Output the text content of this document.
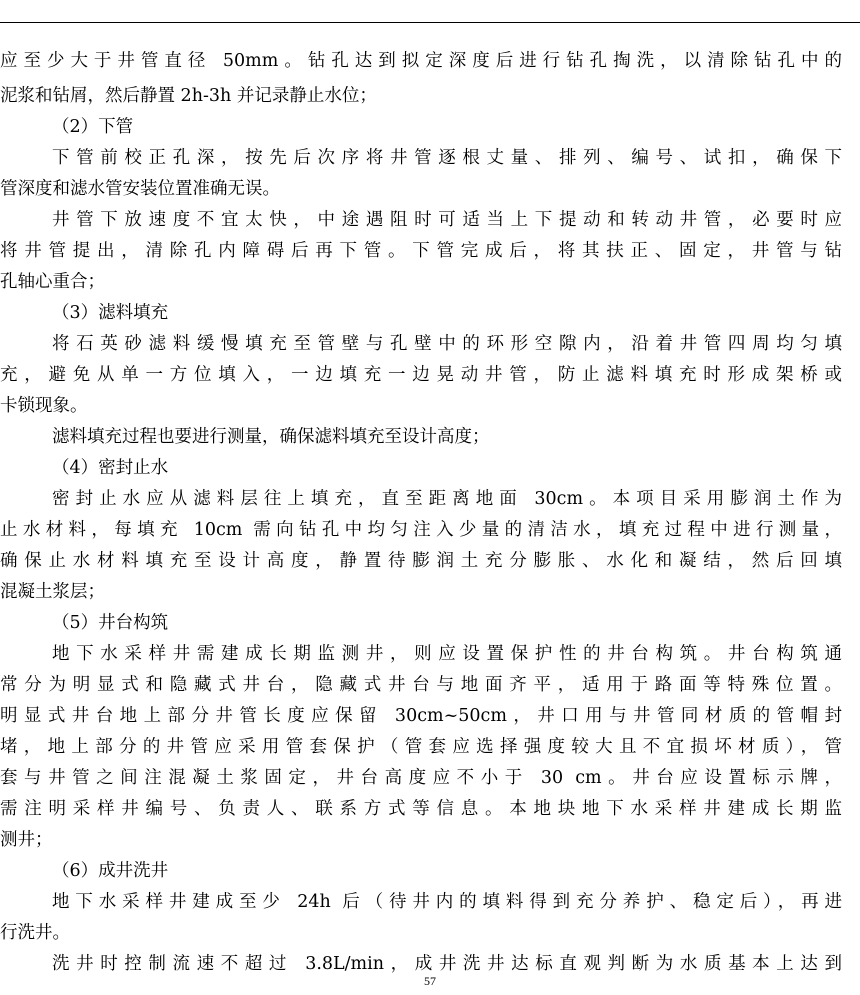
应至少大于井管直径 50mm。钻孔达到拟定深度后进行钻孔掏洗，以清除钻孔中的
泥浆和钻屑，然后静置 2h-3h 并记录静止水位；
（2）下管
下管前校正孔深，按先后次序将井管逐根丈量、排列、编号、试扣，确保下
管深度和滤水管安装位置准确无误。
井管下放速度不宜太快，中途遇阻时可适当上下提动和转动井管，必要时应
将井管提出，清除孔内障碍后再下管。下管完成后，将其扶正、固定，井管与钻
孔轴心重合；
（3）滤料填充
将石英砂滤料缓慢填充至管壁与孔壁中的环形空隙内，沿着井管四周均匀填
充，避免从单一方位填入，一边填充一边晃动井管，防止滤料填充时形成架桥或
卡锁现象。
滤料填充过程也要进行测量，确保滤料填充至设计高度；
（4）密封止水
密封止水应从滤料层往上填充，直至距离地面 30cm。本项目采用膨润土作为
止水材料，每填充 10cm 需向钻孔中均匀注入少量的清洁水，填充过程中进行测量，
确保止水材料填充至设计高度，静置待膨润土充分膨胀、水化和凝结，然后回填
混凝土浆层；
（5）井台构筑
地下水采样井需建成长期监测井，则应设置保护性的井台构筑。井台构筑通
常分为明显式和隐藏式井台，隐藏式井台与地面齐平，适用于路面等特殊位置。
明显式井台地上部分井管长度应保留 30cm~50cm，井口用与井管同材质的管帽封
堵，地上部分的井管应采用管套保护（管套应选择强度较大且不宜损坏材质），管
套与井管之间注混凝土浆固定，井台高度应不小于 30 cm。井台应设置标示牌，
需注明采样井编号、负责人、联系方式等信息。本地块地下水采样井建成长期监
测井；
（6）成井洗井
地下水采样井建成至少 24h 后（待井内的填料得到充分养护、稳定后），再进
行洗井。
洗井时控制流速不超过 3.8L/min，成井洗井达标直观判断为水质基本上达到
57
